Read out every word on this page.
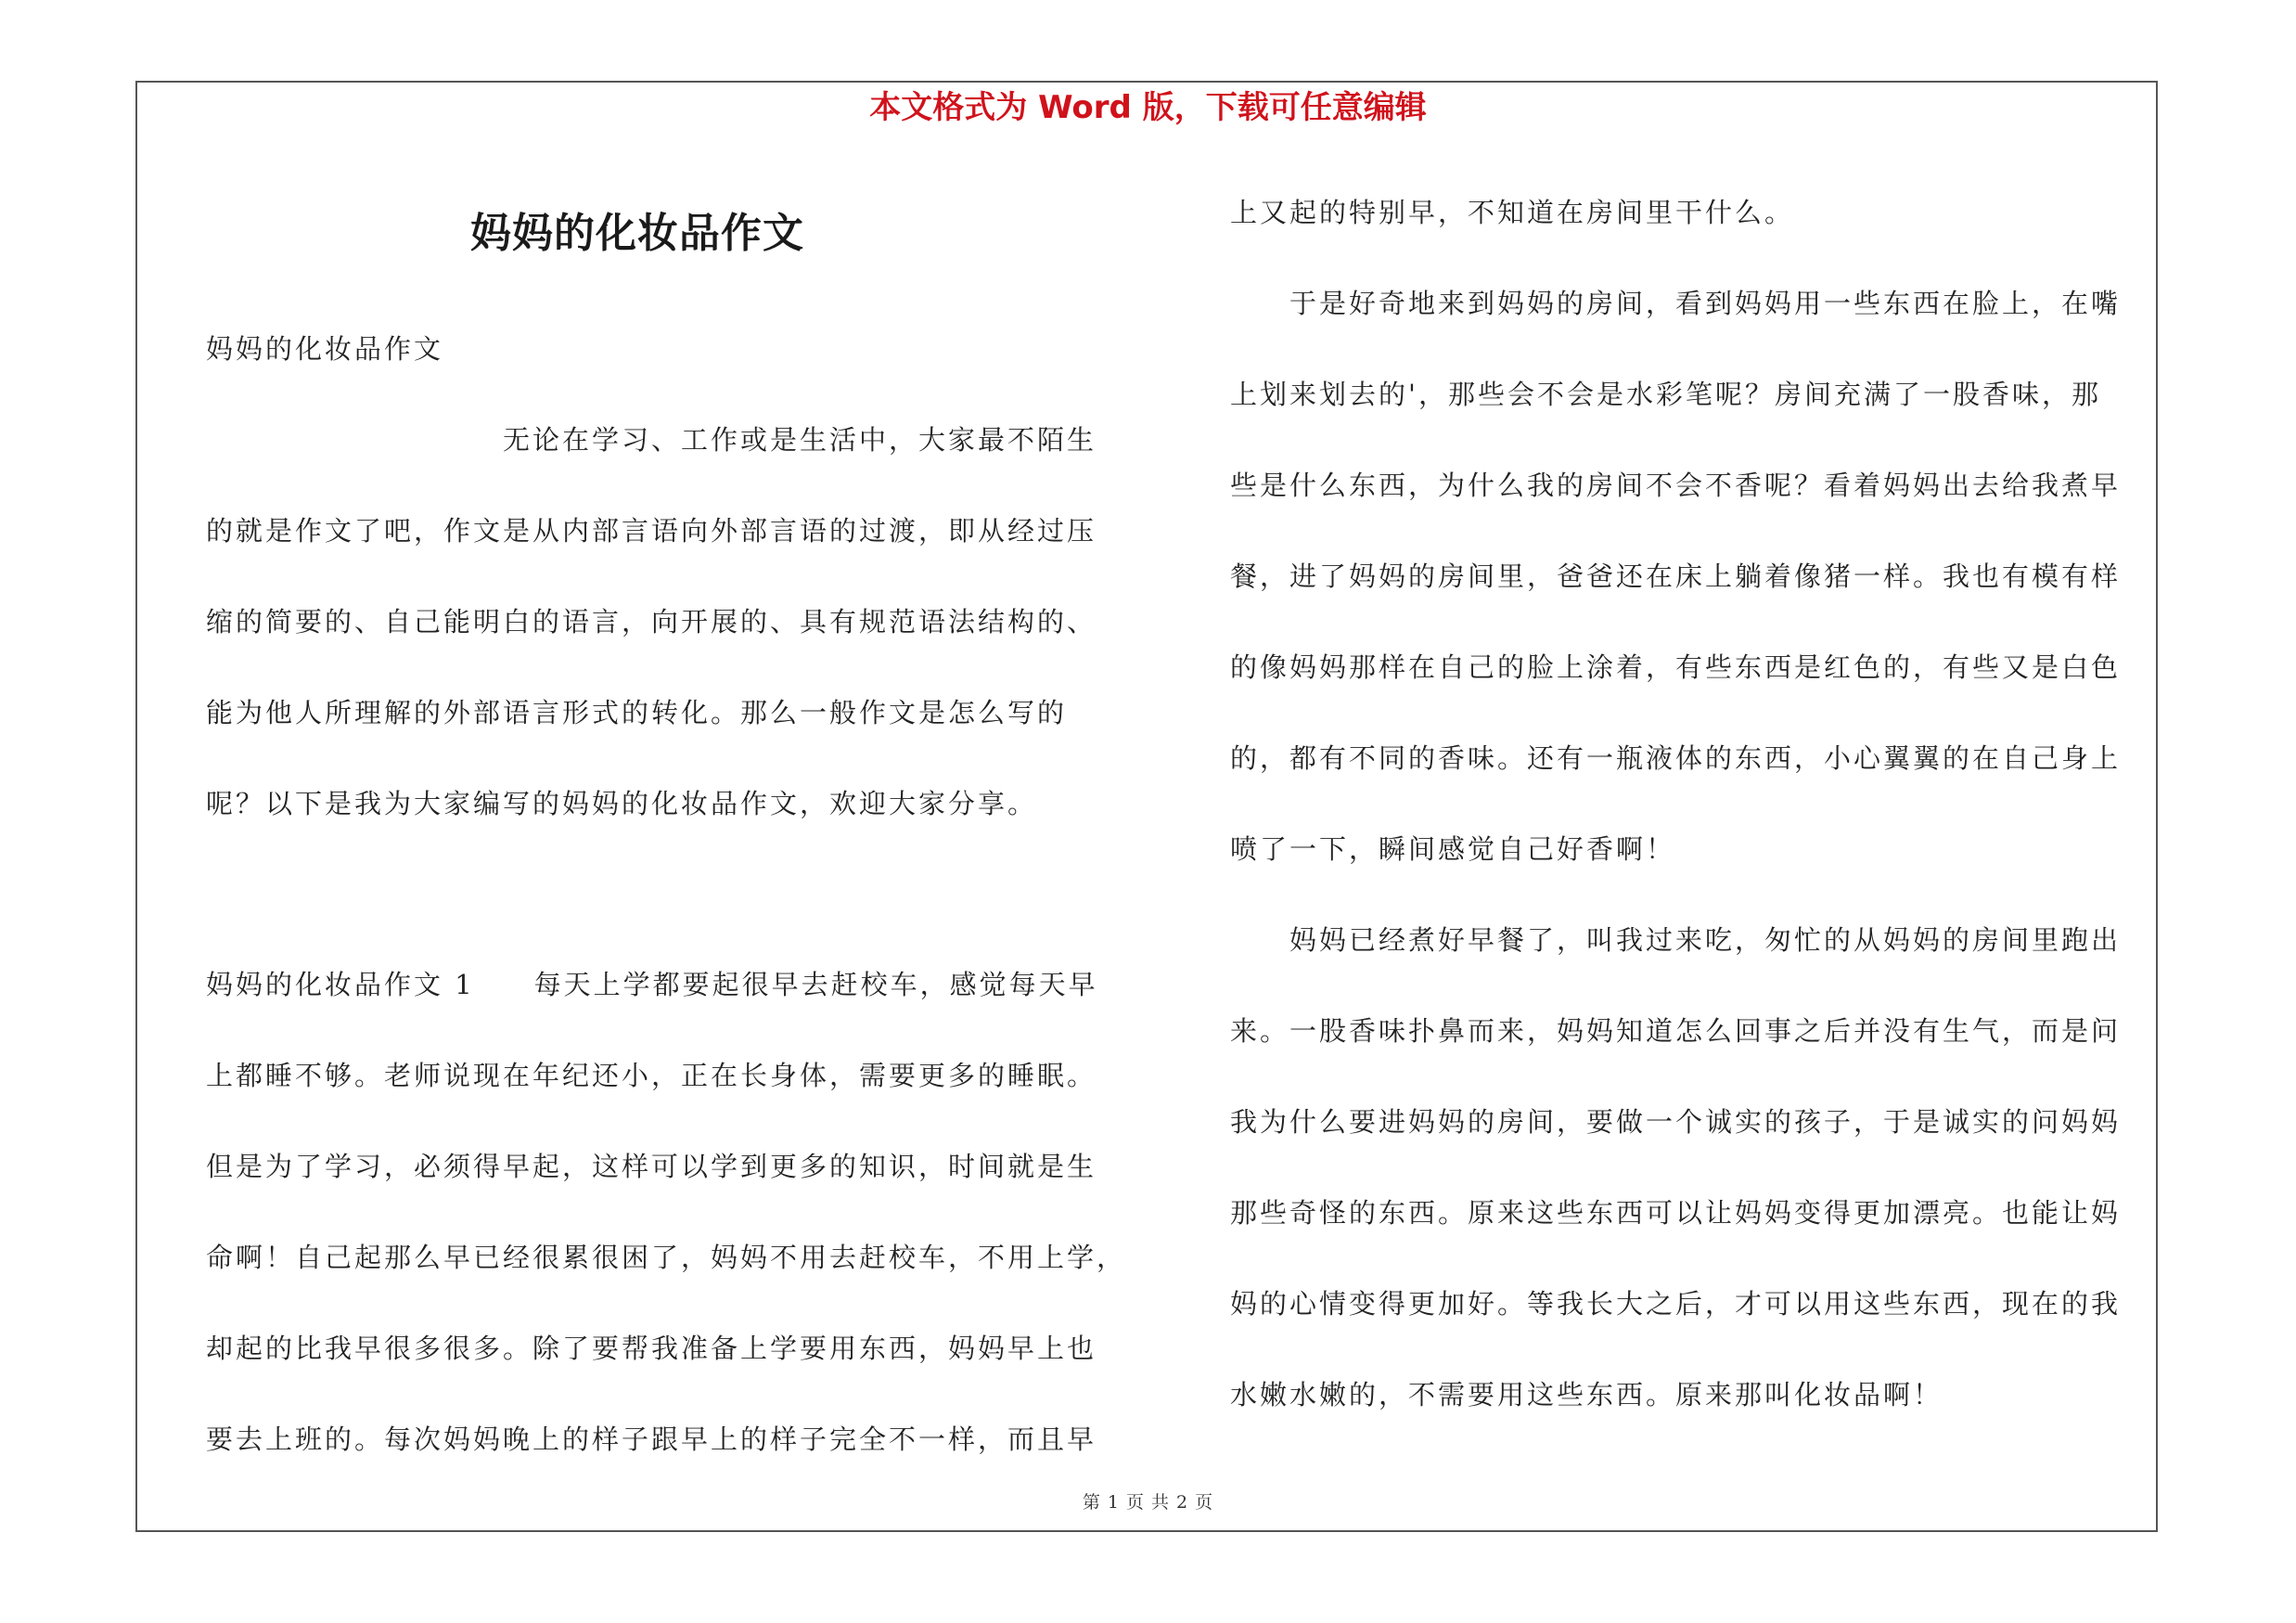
本文格式为 Word 版，下载可任意编辑
妈妈的化妆品作文
妈妈的化妆品作文
　　　　　　　　　　无论在学习、工作或是生活中，大家最不陌生
的就是作文了吧，作文是从内部言语向外部言语的过渡，即从经过压
缩的简要的、自己能明白的语言，向开展的、具有规范语法结构的、
能为他人所理解的外部语言形式的转化。那么一般作文是怎么写的
呢？以下是我为大家编写的妈妈的化妆品作文，欢迎大家分享。
妈妈的化妆品作文 1　　每天上学都要起很早去赶校车，感觉每天早
上都睡不够。老师说现在年纪还小，正在长身体，需要更多的睡眠。
但是为了学习，必须得早起，这样可以学到更多的知识，时间就是生
命啊！自己起那么早已经很累很困了，妈妈不用去赶校车，不用上学，
却起的比我早很多很多。除了要帮我准备上学要用东西，妈妈早上也
要去上班的。每次妈妈晚上的样子跟早上的样子完全不一样，而且早
上又起的特别早，不知道在房间里干什么。
　　于是好奇地来到妈妈的房间，看到妈妈用一些东西在脸上，在嘴
上划来划去的'，那些会不会是水彩笔呢？房间充满了一股香味，那
些是什么东西，为什么我的房间不会不香呢？看着妈妈出去给我煮早
餐，进了妈妈的房间里，爸爸还在床上躺着像猪一样。我也有模有样
的像妈妈那样在自己的脸上涂着，有些东西是红色的，有些又是白色
的，都有不同的香味。还有一瓶液体的东西，小心翼翼的在自己身上
喷了一下，瞬间感觉自己好香啊！
　　妈妈已经煮好早餐了，叫我过来吃，匆忙的从妈妈的房间里跑出
来。一股香味扑鼻而来，妈妈知道怎么回事之后并没有生气，而是问
我为什么要进妈妈的房间，要做一个诚实的孩子，于是诚实的问妈妈
那些奇怪的东西。原来这些东西可以让妈妈变得更加漂亮。也能让妈
妈的心情变得更加好。等我长大之后，才可以用这些东西，现在的我
水嫩水嫩的，不需要用这些东西。原来那叫化妆品啊！
第 1 页 共 2 页
